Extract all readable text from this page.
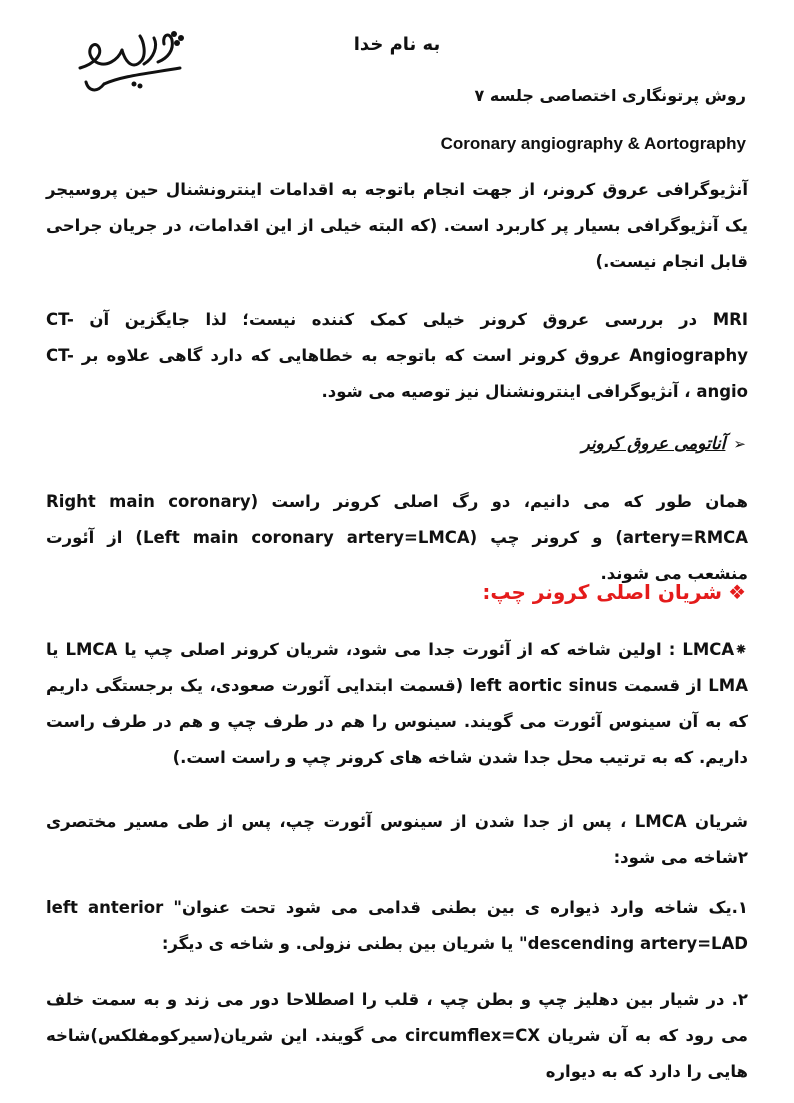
به نام خدا
روش پرتونگاری اختصاصی جلسه ۷
Coronary angiography & Aortography

آنژیوگرافی عروق کرونر، از جهت انجام باتوجه به اقدامات اینترونشنال حین پروسیجر یک آنژیوگرافی بسیار پر کاربرد است. (که البته خیلی از این اقدامات، در جریان جراحی قابل انجام نیست.)

MRI در بررسی عروق کرونر خیلی کمک کننده نیست؛ لذا جایگزین آن CT-Angiography عروق کرونر است که باتوجه به خطاهایی که دارد گاهی علاوه بر CT-angio ، آنژیوگرافی اینترونشنال نیز توصیه می شود.

➢
آناتومی عروق کرونر

همان طور که می دانیم، دو رگ اصلی کرونر راست (Right main coronary artery=RMCA) و کرونر چپ (Left main coronary artery=LMCA) از آئورت منشعب می شوند.

❖
شریان اصلی کرونر چپ:

⁕LMCA : اولین شاخه که از آئورت جدا می شود، شریان کرونر اصلی چپ یا LMCA یا LMA از قسمت left aortic sinus (قسمت ابتدایی آئورت صعودی، یک برجستگی داریم که به آن سینوس آئورت می گویند. سینوس را هم در طرف چپ و هم در طرف راست داریم. که به ترتیب محل جدا شدن شاخه های کرونر چپ و راست است.)

شریان LMCA ، پس از جدا شدن از سینوس آئورت چپ، پس از طی مسیر مختصری ۲شاخه می شود:

۱.یک شاخه وارد ذیواره ی بین بطنی قدامی می شود تحت عنوان" left anterior descending artery=LAD" یا شریان بین بطنی نزولی. و شاخه ی دیگر:

۲. در شیار بین دهلیز چپ و بطن چپ ، قلب را اصطلاحا دور می زند و به سمت خلف می رود که به آن شریان circumflex=CX می گویند. این شریان(سیرکومفلکس)شاخه هایی را دارد که به دیواره
